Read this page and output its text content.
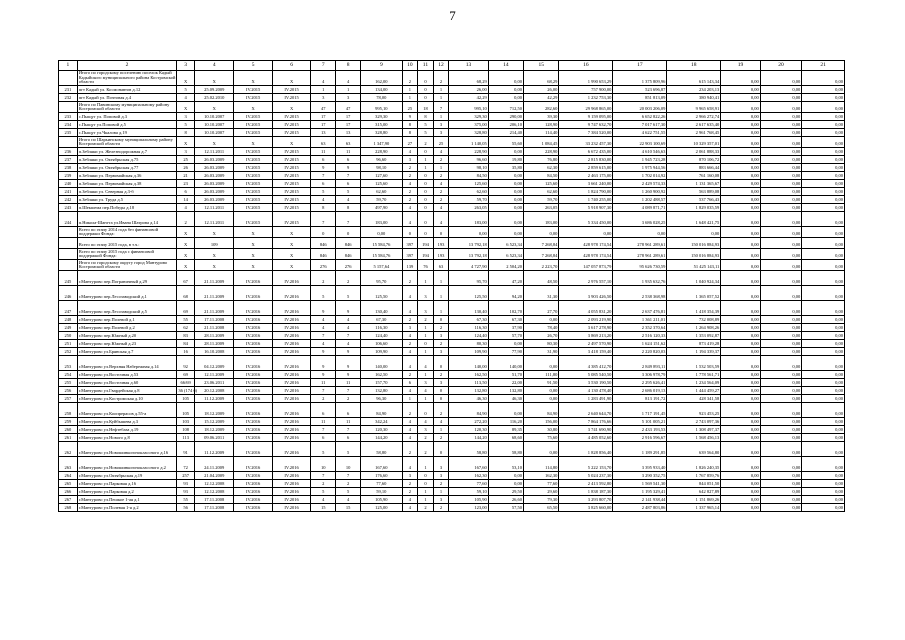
7
1	2	3	4	5	6	7	8	9	10	11	12	13	14	15	16	17	18	19	20	21
	Итого по городскому поселению поселок Кадый Кадыйского муниципального района Костромской области	Х	Х	Х	Х	4	4	162,00	2	0	2	68,29	0,00	68,29	1 990 653,29	1 375 809,96	615 143,34	0,00	0,00	0,00
231	пгт Кадый ул. Космонавтов д.12	5	25.09.2009	IV.2015	IV.2015	1	1	134,00	1	0	1	26,00	0,00	26,00	757 900,00	523 696,87	234 203,13	0,00	0,00	0,00
232	пгт Кадый ул. Почтовая д.4	4	25.02.2010	IV.2015	IV.2015	3	3	78,00	1	0	1	42,29	0,00	42,29	1 232 753,30	851 813,09	380 940,41	0,00	0,00	0,00
	Итого по Павинскому муниципальному району Костромской области	Х	Х	Х	Х	47	47	995,10	25	18	7	995,10	712,50	282,60	29 968 865,00	20 003 206,09	9 965 658,91	0,00	0,00	0,00
233	с.Пыщуг ул. Поповой д.3	3	10.10.2007	IV.2015	IV.2015	17	17	329,30	9	8	1	329,30	290,00	39,30	9 159 095,00	6 652 822,26	2 966 272,74	0,00	0,00	0,00
234	с.Пыщуг ул.Поповой д.5	5	10.10.2007	IV.2015	IV.2015	17	17	315,00	8	5	3	375,00	206,10	128,90	9 747 632,70	7 017 617,30	2 617 635,40	0,00	0,00	0,00
235	с.Пыщуг ул.Чкалова д.19	8	10.10.2007	IV.2015	IV.2015	13	13	328,80	8	5	3	328,80	214,40	114,40	7 384 520,00	4 622 751,55	2 961 768,45	0,00	0,00	0,00
	Итого по Шарьинскому муниципальному району Костромской области	Х	Х	Х	Х	63	63	1 347,90	27	2	25	1 140,05	55,60	1 084,45	33 232 457,30	22 903 100,69	10 329 357,01	0,00	0,00	0,00
236	п.Зебляки ул. Железнодорожная д.7	3	12.11.2011	IV.2015	IV.2015	11	11	228,90	4	0	4	228,90	0,00	228,90	6 672 435,00	4 610 546,63	2 061 888,33	0,00	0,00	0,00
237	п.Зебляки ул. Октябрьская д.75	25	26.03.2009	IV.2015	IV.2015	6	6	96,60	3	1	2	96,60	19,80	76,80	2 815 830,00	1 945 723,28	870 106,72	0,00	0,00	0,00
238	п.Зебляки ул. Октябрьская д.77	26	26.03.2009	IV.2015	IV.2015	9	9	98,10	2	1	1	98,10	35,80	62,30	2 859 615,00	1 975 944,56	883 666,44	0,00	0,00	0,00
239	п.Зебляки ул. Первомайская д.36	21	26.03.2009	IV.2015	IV.2015	7	7	127,60	2	0	2	84,50	0,00	84,50	2 463 175,00	1 702 014,92	761 160,08	0,00	0,00	0,00
240	п.Зебляки ул. Первомайская д.38	23	26.03.2009	IV.2015	IV.2015	6	6	125,60	4	0	4	125,60	0,00	125,60	3 661 240,00	2 429 574,33	1 131 365,67	0,00	0,00	0,00
241	п.Зебляки ул. Северная д.3-б	6	26.03.2009	IV.2015	IV.2015	5	5	62,60	2	0	2	62,60	0,00	62,60	1 824 790,00	1 260 900,92	563 889,08	0,00	0,00	0,00
242	п.Зебляки ул. Труда д.5	14	26.03.2009	IV.2015	IV.2015	4	4	59,70	2	0	2	59,70	0,00	59,70	1 740 255,00	1 202 488,57	537 766,43	0,00	0,00	0,00
243	п.Шекшема пер.Победы д.18	4	12.11.2011	IV.2015	IV.2015	8	8	497,90	4	0	4	263,05	0,00	263,05	5 918 907,30	4 089 871,71	1 829 035,59	0,00	0,00	0,00
244	п.Никола-Шангта ул.Ивана Шатрова д.14	2	12.11.2011	IV.2015	IV.2015	7	7	183,00	4	0	4	183,00	0,00	183,00	5 334 450,00	3 686 028,25	1 648 421,75	0,00	0,00	0,00
	Всего по этапу 2014 года без финансовой поддержки Фонда:	Х	Х	Х	Х	0	0	0,00	0	0	0	0,00	0,00	0,00	0,00	0,00	0,00	0,00	0,00	0,00
	Всего по этапу 2015 года, в т.ч.:	Х	109	Х	Х	846	846	15 584,76	397	194	193	13 792,18	6 523,34	7 268,84	428 978 174,54	278 961 289,61	150 016 884,93	0,00	0,00	0,00
	Всего по этапу 2015 года с финансовой поддержкой Фонда:	Х	Х	Х	Х	846	846	15 584,76	397	194	193	13 792,18	6 523,34	7 268,84	428 978 174,54	278 961 289,61	150 016 884,93	0,00	0,00	0,00
	Итого по городскому округу город Мантурово Костромской области	Х	Х	Х	Х	276	276	5 157,64	139	76	63	4 727,90	2 504,20	2 223,70	147 057 873,79	95 626 730,59	51 425 143,11	0,00	0,00	0,00
245	г.Мантурово пер.Пограничный д.29	67	21.11.2009	IV.2016	IV.2016	2	2	95,70	2	1	1	95,70	47,20	48,50	2 976 557,10	1 935 632,76	1 040 924,34	0,00	0,00	0,00
246	г.Мантурово пер.Лесозаводский д.1	68	21.11.2009	IV.2016	IV.2016	5	5	125,50	4	3	1	125,50	94,20	31,30	3 903 426,50	2 538 368,98	1 365 057,52	0,00	0,00	0,00
247	г.Мантурово пер.Лесозаводский д.5	69	21.11.2009	IV.2016	IV.2016	9	9	130,40	4	3	1	130,40	102,70	27,70	4 055 831,20	2 637 476,81	1 418 354,39	0,00	0,00	0,00
248	г.Мантурово пер.Полевой д.1	55	17.11.2008	IV.2016	IV.2016	4	4	67,30	2	2	0	67,30	67,30	0,00	2 093 219,90	1 361 211,01	732 008,89	0,00	0,00	0,00
249	г.Мантурово пер.Полевой д.2	62	21.11.2008	IV.2016	IV.2016	4	4	116,30	3	1	2	116,30	37,90	78,40	3 617 278,90	2 352 370,64	1 264 908,26	0,00	0,00	0,00
250	г.Мантурово пер.Южный д.20	83	28.11.2009	IV.2016	IV.2016	7	7	124,40	4	1	3	124,40	57,70	26,70	3 869 213,20	2 516 120,33	1 353 092,87	0,00	0,00	0,00
251	г.Мантурово пер.Южный д.23	84	28.11.2009	IV.2016	IV.2016	4	4	106,60	2	0	2	80,30	0,00	80,30	2 497 570,90	1 624 151,62	873 419,28	0,00	0,00	0,00
252	г.Мантурово ул.Брянская д.7	16	16.10.2008	IV.2016	IV.2016	9	9	109,90	4	1	3	109,90	77,90	31,90	3 418 159,40	2 220 820,03	1 194 339,37	0,00	0,00	0,00
253	г.Мантурово ул.Верхняя Набережная д.14	92	04.12.2009	IV.2016	IV.2016	9	9	140,00	4	4	0	140,00	140,00	0,00	4 385 412,70	2 849 893,11	1 532 503,59	0,00	0,00	0,00
254	г.Мантурово ул.Восточная д.53	69	12.11.2009	IV.2016	IV.2016	9	9	162,50	2	1	2	162,50	51,70	111,80	5 085 540,50	3 306 978,79	1 778 561,71	0,00	0,00	0,00
255	г.Мантурово ул.Восточная д.60	66/69	23.06.2011	IV.2016	IV.2016	11	11	157,70	6	3	3	113,50	22,00	91,50	3 530 190,50	2 295 626,41	1 234 564,09	0,00	0,00	0,00
256	г.Мантурово ул.Гвардейская д.8	36 (174 б)	20.12.2008	IV.2016	IV.2016	7	7	132,80	4	4	0	132,80	132,80	0,00	4 130 478,40	2 686 019,13	1 444 459,27	0,00	0,00	0,00
257	г.Мантурово ул.Костромская д.10	105	11.12.2009	IV.2016	IV.2016	2	2	96,30	1	1	0	46,30	46,30	0,00	1 283 491,90	813 191,72	428 341,58	0,00	0,00	0,00
258	г.Мантурово ул.Коопрерасов д.55-а	105	18.12.2009	IV.2016	IV.2016	6	6	84,90	2	0	2	84,90	0,00	84,90	2 640 644,70	1 717 191,45	923 453,25	0,00	0,00	0,00
259	г.Мантурово ул.Куйбышева д.3	103	15.12.2009	IV.2016	IV.2016	11	11	342,24	4	4	4	272,20	116,20	156,00	7 864 176,66	5 101 005,21	2 743 097,36	0,00	0,00	0,00
260	г.Мантурово ул.Нефтебаза д.19	108	18.12.2009	IV.2016	IV.2016	7	7	120,30	4	3	1	120,30	89,35	30,80	3 741 690,90	2 433 193,53	1 308 497,37	0,00	0,00	0,00
261	г.Мантурово ул.Нового д.8	113	09.06.2011	IV.2016	IV.2016	6	6	144,20	4	2	2	144,20	68,60	75,60	4 485 052,60	2 916 596,67	1 568 456,13	0,00	0,00	0,00
262	г.Мантурово ул.Новошинкогоноклассного д.16	91	11.12.2009	IV.2016	IV.2016	5	5	58,80	2	2	0	58,80	58,80	0,00	1 828 856,40	1 189 291,85	639 564,80	0,00	0,00	0,00
263	г.Мантурово ул.Новошинкогоноклассного д.2	72	24.11.2009	IV.2016	IV.2016	10	10	167,60	4	1	3	167,60	53,10	114,80	5 222 153,70	3 395 933,40	1 826 240,35	0,00	0,00	0,00
264	г.Мантурово ул.Октябрьская д.19	257	21.04.2009	IV.2016	IV.2016	7	7	176,60	3	0	3	162,30	0,00	162,30	5 024 237,30	3 290 352,75	1 767 859,76	0,00	0,00	0,00
265	г.Мантурово ул.Парковая д.16	93	12.12.2008	IV.2016	IV.2016	2	2	77,60	2	0	2	77,60	0,00	77,60	2 413 592,80	1 569 541,30	844 051,50	0,00	0,00	0,00
266	г.Мантурово ул.Парковая д.2	93	12.12.2008	IV.2016	IV.2016	5	5	59,10	2	1	1	59,10	29,50	29,60	1 838 187,30	1 195 329,41	642 827,89	0,00	0,00	0,00
267	г.Мантурово ул.Пешкое 1-ая д.1	55	17.11.2008	IV.2016	IV.2016	4	4	105,90	4	1	3	105,90	26,60	79,30	3 293 807,70	2 141 938,44	1 151 869,26	0,00	0,00	0,00
268	г.Мантурово ул.Полевая 1-я д.2	56	17.11.2008	IV.2016	IV.2016	15	15	125,00	4	2	2	123,00	57,50	65,50	3 825 660,00	2 487 803,86	1 337 965,14	0,00	0,00	0,00
